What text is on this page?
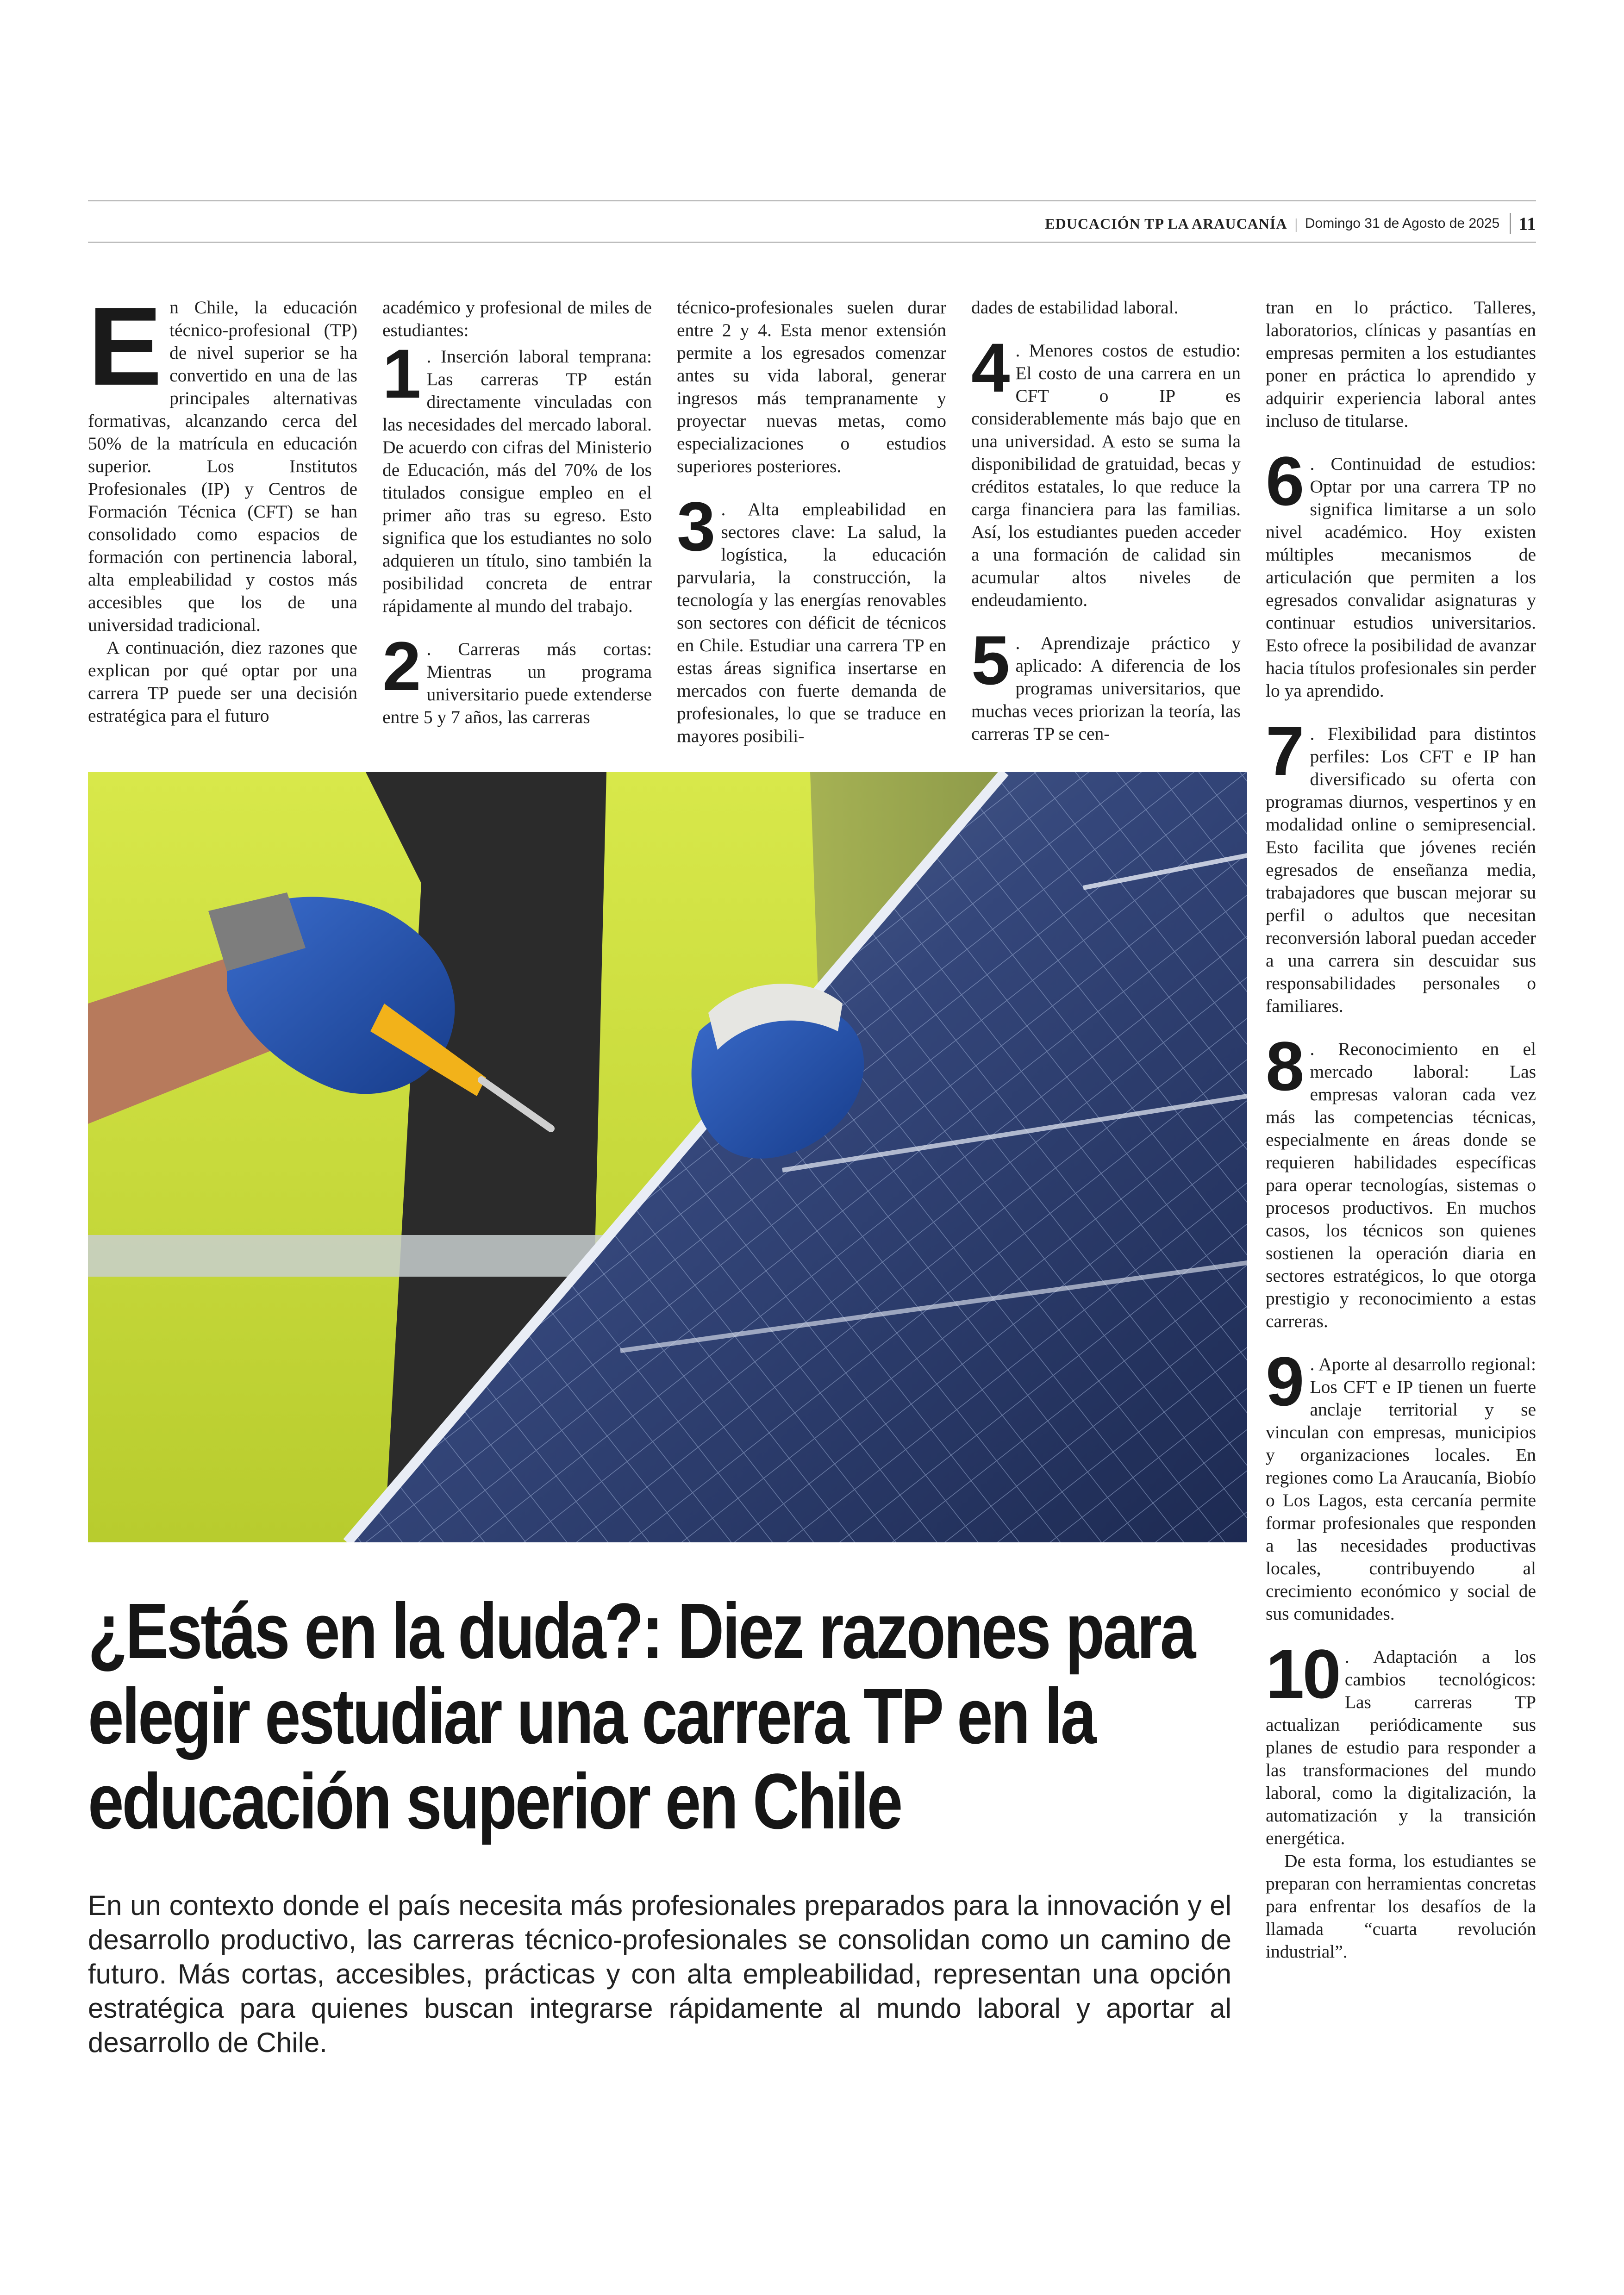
EDUCACIÓN TP LA ARAUCANÍA | Domingo 31 de Agosto de 2025 11

En Chile, la educación técnico-profesional (TP) de nivel superior se ha convertido en una de las principales alternativas formativas, alcanzando cerca del 50% de la matrícula en educación superior. Los Institutos Profesionales (IP) y Centros de Formación Técnica (CFT) se han consolidado como espacios de formación con pertinencia laboral, alta empleabilidad y costos más accesibles que los de una universidad tradicional.

A continuación, diez razones que explican por qué optar por una carrera TP puede ser una decisión estratégica para el futuro

académico y profesional de miles de estudiantes:

1 . Inserción laboral temprana: Las carreras TP están directamente vinculadas con las necesidades del mercado laboral. De acuerdo con cifras del Ministerio de Educación, más del 70% de los titulados consigue empleo en el primer año tras su egreso. Esto significa que los estudiantes no solo adquieren un título, sino también la posibilidad concreta de entrar rápidamente al mundo del trabajo.

2 . Carreras más cortas: Mientras un programa universitario puede extenderse entre 5 y 7 años, las carreras

técnico-profesionales suelen durar entre 2 y 4. Esta menor extensión permite a los egresados comenzar antes su vida laboral, generar ingresos más tempranamente y proyectar nuevas metas, como especializaciones o estudios superiores posteriores.

3 . Alta empleabilidad en sectores clave: La salud, la logística, la educación parvularia, la construcción, la tecnología y las energías renovables son sectores con déficit de técnicos en Chile. Estudiar una carrera TP en estas áreas significa insertarse en mercados con fuerte demanda de profesionales, lo que se traduce en mayores posibili-

dades de estabilidad laboral.

4 . Menores costos de estudio: El costo de una carrera en un CFT o IP es considerablemente más bajo que en una universidad. A esto se suma la disponibilidad de gratuidad, becas y créditos estatales, lo que reduce la carga financiera para las familias. Así, los estudiantes pueden acceder a una formación de calidad sin acumular altos niveles de endeudamiento.

5 . Aprendizaje práctico y aplicado: A diferencia de los programas universitarios, que muchas veces priorizan la teoría, las carreras TP se cen-

tran en lo práctico. Talleres, laboratorios, clínicas y pasantías en empresas permiten a los estudiantes poner en práctica lo aprendido y adquirir experiencia laboral antes incluso de titularse.

6 . Continuidad de estudios: Optar por una carrera TP no significa limitarse a un solo nivel académico. Hoy existen múltiples mecanismos de articulación que permiten a los egresados convalidar asignaturas y continuar estudios universitarios. Esto ofrece la posibilidad de avanzar hacia títulos profesionales sin perder lo ya aprendido.

7 . Flexibilidad para distintos perfiles: Los CFT e IP han diversificado su oferta con programas diurnos, vespertinos y en modalidad online o semipresencial. Esto facilita que jóvenes recién egresados de enseñanza media, trabajadores que buscan mejorar su perfil o adultos que necesitan reconversión laboral puedan acceder a una carrera sin descuidar sus responsabilidades personales o familiares.

8 . Reconocimiento en el mercado laboral: Las empresas valoran cada vez más las competencias técnicas, especialmente en áreas donde se requieren habilidades específicas para operar tecnologías, sistemas o procesos productivos. En muchos casos, los técnicos son quienes sostienen la operación diaria en sectores estratégicos, lo que otorga prestigio y reconocimiento a estas carreras.

9 . Aporte al desarrollo regional: Los CFT e IP tienen un fuerte anclaje territorial y se vinculan con empresas, municipios y organizaciones locales. En regiones como La Araucanía, Biobío o Los Lagos, esta cercanía permite formar profesionales que responden a las necesidades productivas locales, contribuyendo al crecimiento económico y social de sus comunidades.

10 . Adaptación a los cambios tecnológicos: Las carreras TP actualizan periódicamente sus planes de estudio para responder a las transformaciones del mundo laboral, como la digitalización, la automatización y la transición energética.

De esta forma, los estudiantes se preparan con herramientas concretas para enfrentar los desafíos de la llamada “cuarta revolución industrial”.

¿Estás en la duda?: Diez razones para elegir estudiar una carrera TP en la educación superior en Chile

En un contexto donde el país necesita más profesionales preparados para la innovación y el desarrollo productivo, las carreras técnico-profesionales se consolidan como un camino de futuro. Más cortas, accesibles, prácticas y con alta empleabilidad, representan una opción estratégica para quienes buscan integrarse rápidamente al mundo laboral y aportar al desarrollo de Chile.
